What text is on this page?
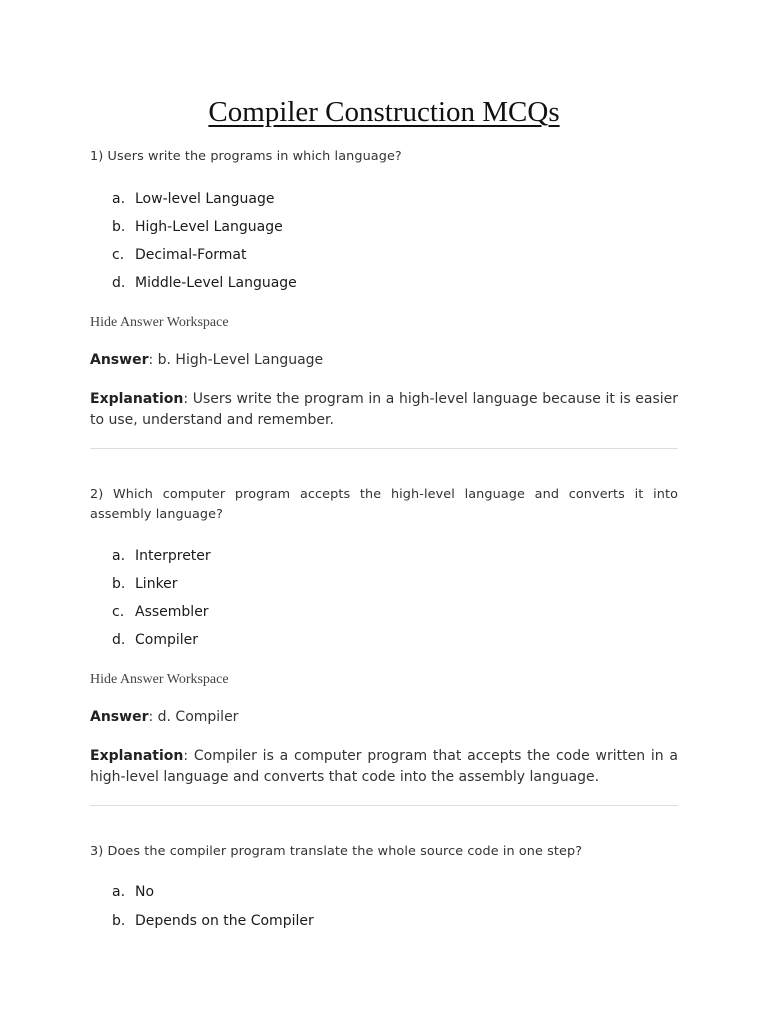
Compiler Construction MCQs

1) Users write the programs in which language?

a. Low-level Language
b. High-Level Language
c. Decimal-Format
d. Middle-Level Language

Hide Answer Workspace

Answer: b. High-Level Language

Explanation: Users write the program in a high-level language because it is easier to use, understand and remember.

2) Which computer program accepts the high-level language and converts it into assembly language?

a. Interpreter
b. Linker
c. Assembler
d. Compiler

Hide Answer Workspace

Answer: d. Compiler

Explanation: Compiler is a computer program that accepts the code written in a high-level language and converts that code into the assembly language.

3) Does the compiler program translate the whole source code in one step?

a. No
b. Depends on the Compiler
